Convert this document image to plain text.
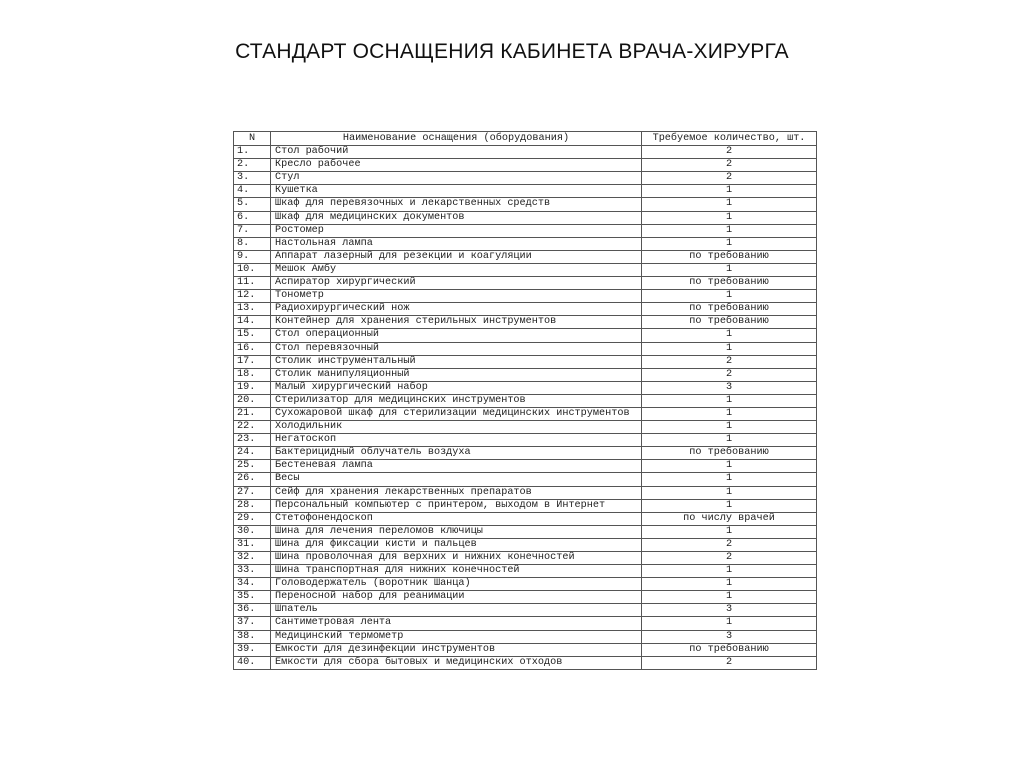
СТАНДАРТ ОСНАЩЕНИЯ КАБИНЕТА ВРАЧА-ХИРУРГА
N	Наименование оснащения (оборудования)	Требуемое количество, шт.
1.	Стол рабочий	2
2.	Кресло рабочее	2
3.	Стул	2
4.	Кушетка	1
5.	Шкаф для перевязочных и лекарственных средств	1
6.	Шкаф для медицинских документов	1
7.	Ростомер	1
8.	Настольная лампа	1
9.	Аппарат лазерный для резекции и коагуляции	по требованию
10.	Мешок Амбу	1
11.	Аспиратор хирургический	по требованию
12.	Тонометр	1
13.	Радиохирургический нож	по требованию
14.	Контейнер для хранения стерильных инструментов	по требованию
15.	Стол операционный	1
16.	Стол перевязочный	1
17.	Столик инструментальный	2
18.	Столик манипуляционный	2
19.	Малый хирургический набор	3
20.	Стерилизатор для медицинских инструментов	1
21.	Сухожаровой шкаф для стерилизации медицинских инструментов	1
22.	Холодильник	1
23.	Негатоскоп	1
24.	Бактерицидный облучатель воздуха	по требованию
25.	Бестеневая лампа	1
26.	Весы	1
27.	Сейф для хранения лекарственных препаратов	1
28.	Персональный компьютер с принтером, выходом в Интернет	1
29.	Стетофонендоскоп	по числу врачей
30.	Шина для лечения переломов ключицы	1
31.	Шина для фиксации кисти и пальцев	2
32.	Шина проволочная для верхних и нижних конечностей	2
33.	Шина транспортная для нижних конечностей	1
34.	Головодержатель (воротник Шанца)	1
35.	Переносной набор для реанимации	1
36.	Шпатель	3
37.	Сантиметровая лента	1
38.	Медицинский термометр	3
39.	Емкости для дезинфекции инструментов	по требованию
40.	Емкости для сбора бытовых и медицинских отходов	2
